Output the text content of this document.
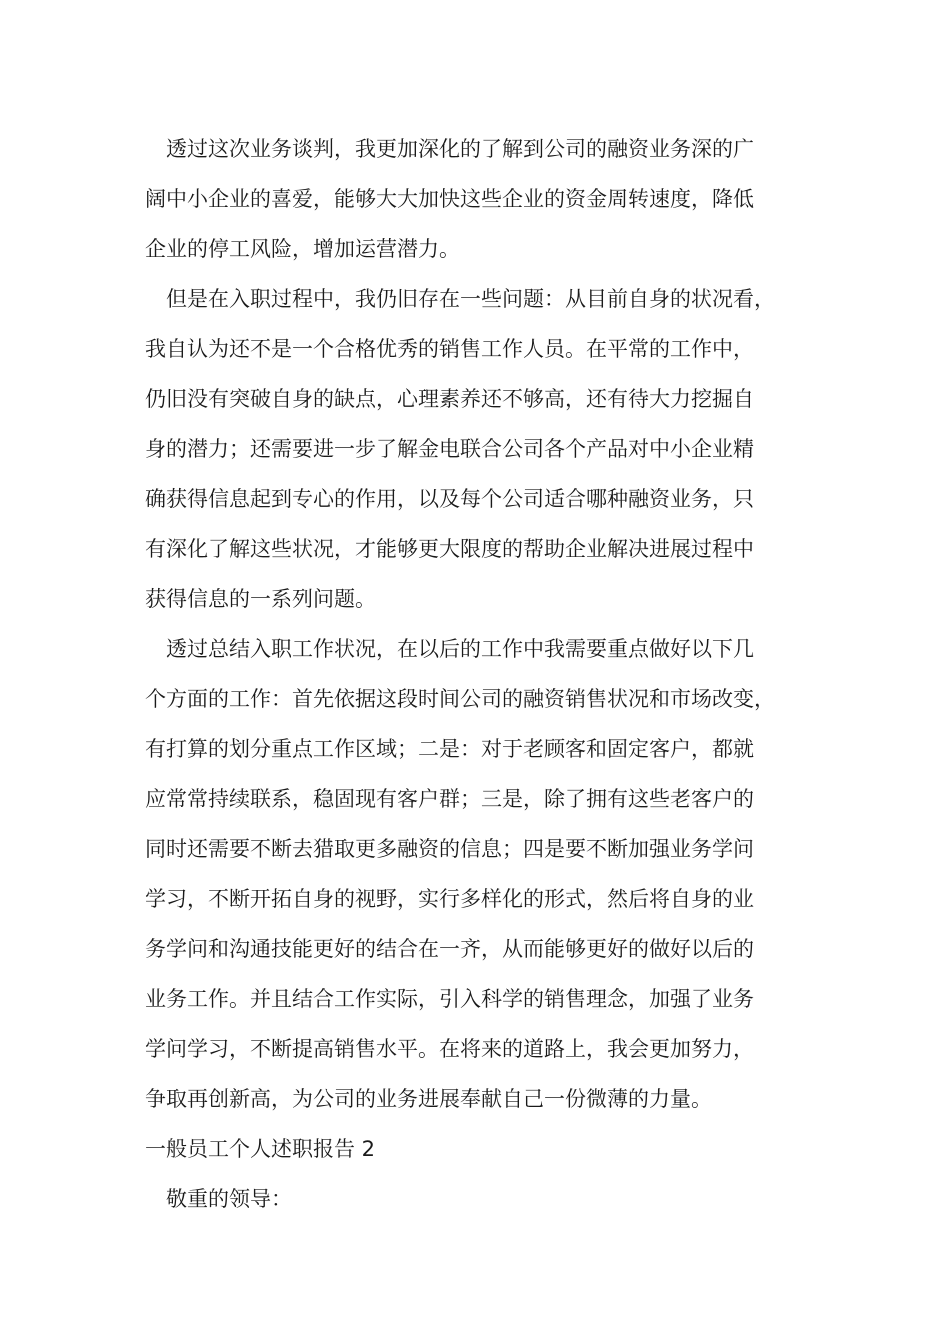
透过这次业务谈判，我更加深化的了解到公司的融资业务深的广
阔中小企业的喜爱，能够大大加快这些企业的资金周转速度，降低
企业的停工风险，增加运营潜力。
但是在入职过程中，我仍旧存在一些问题：从目前自身的状况看，
我自认为还不是一个合格优秀的销售工作人员。在平常的工作中，
仍旧没有突破自身的缺点，心理素养还不够高，还有待大力挖掘自
身的潜力；还需要进一步了解金电联合公司各个产品对中小企业精
确获得信息起到专心的作用，以及每个公司适合哪种融资业务，只
有深化了解这些状况，才能够更大限度的帮助企业解决进展过程中
获得信息的一系列问题。
透过总结入职工作状况，在以后的工作中我需要重点做好以下几
个方面的工作：首先依据这段时间公司的融资销售状况和市场改变，
有打算的划分重点工作区域；二是：对于老顾客和固定客户，都就
应常常持续联系，稳固现有客户群；三是，除了拥有这些老客户的
同时还需要不断去猎取更多融资的信息；四是要不断加强业务学问
学习，不断开拓自身的视野，实行多样化的形式，然后将自身的业
务学问和沟通技能更好的结合在一齐，从而能够更好的做好以后的
业务工作。并且结合工作实际，引入科学的销售理念，加强了业务
学问学习，不断提高销售水平。在将来的道路上，我会更加努力，
争取再创新高，为公司的业务进展奉献自己一份微薄的力量。
一般员工个人述职报告 2
敬重的领导：
